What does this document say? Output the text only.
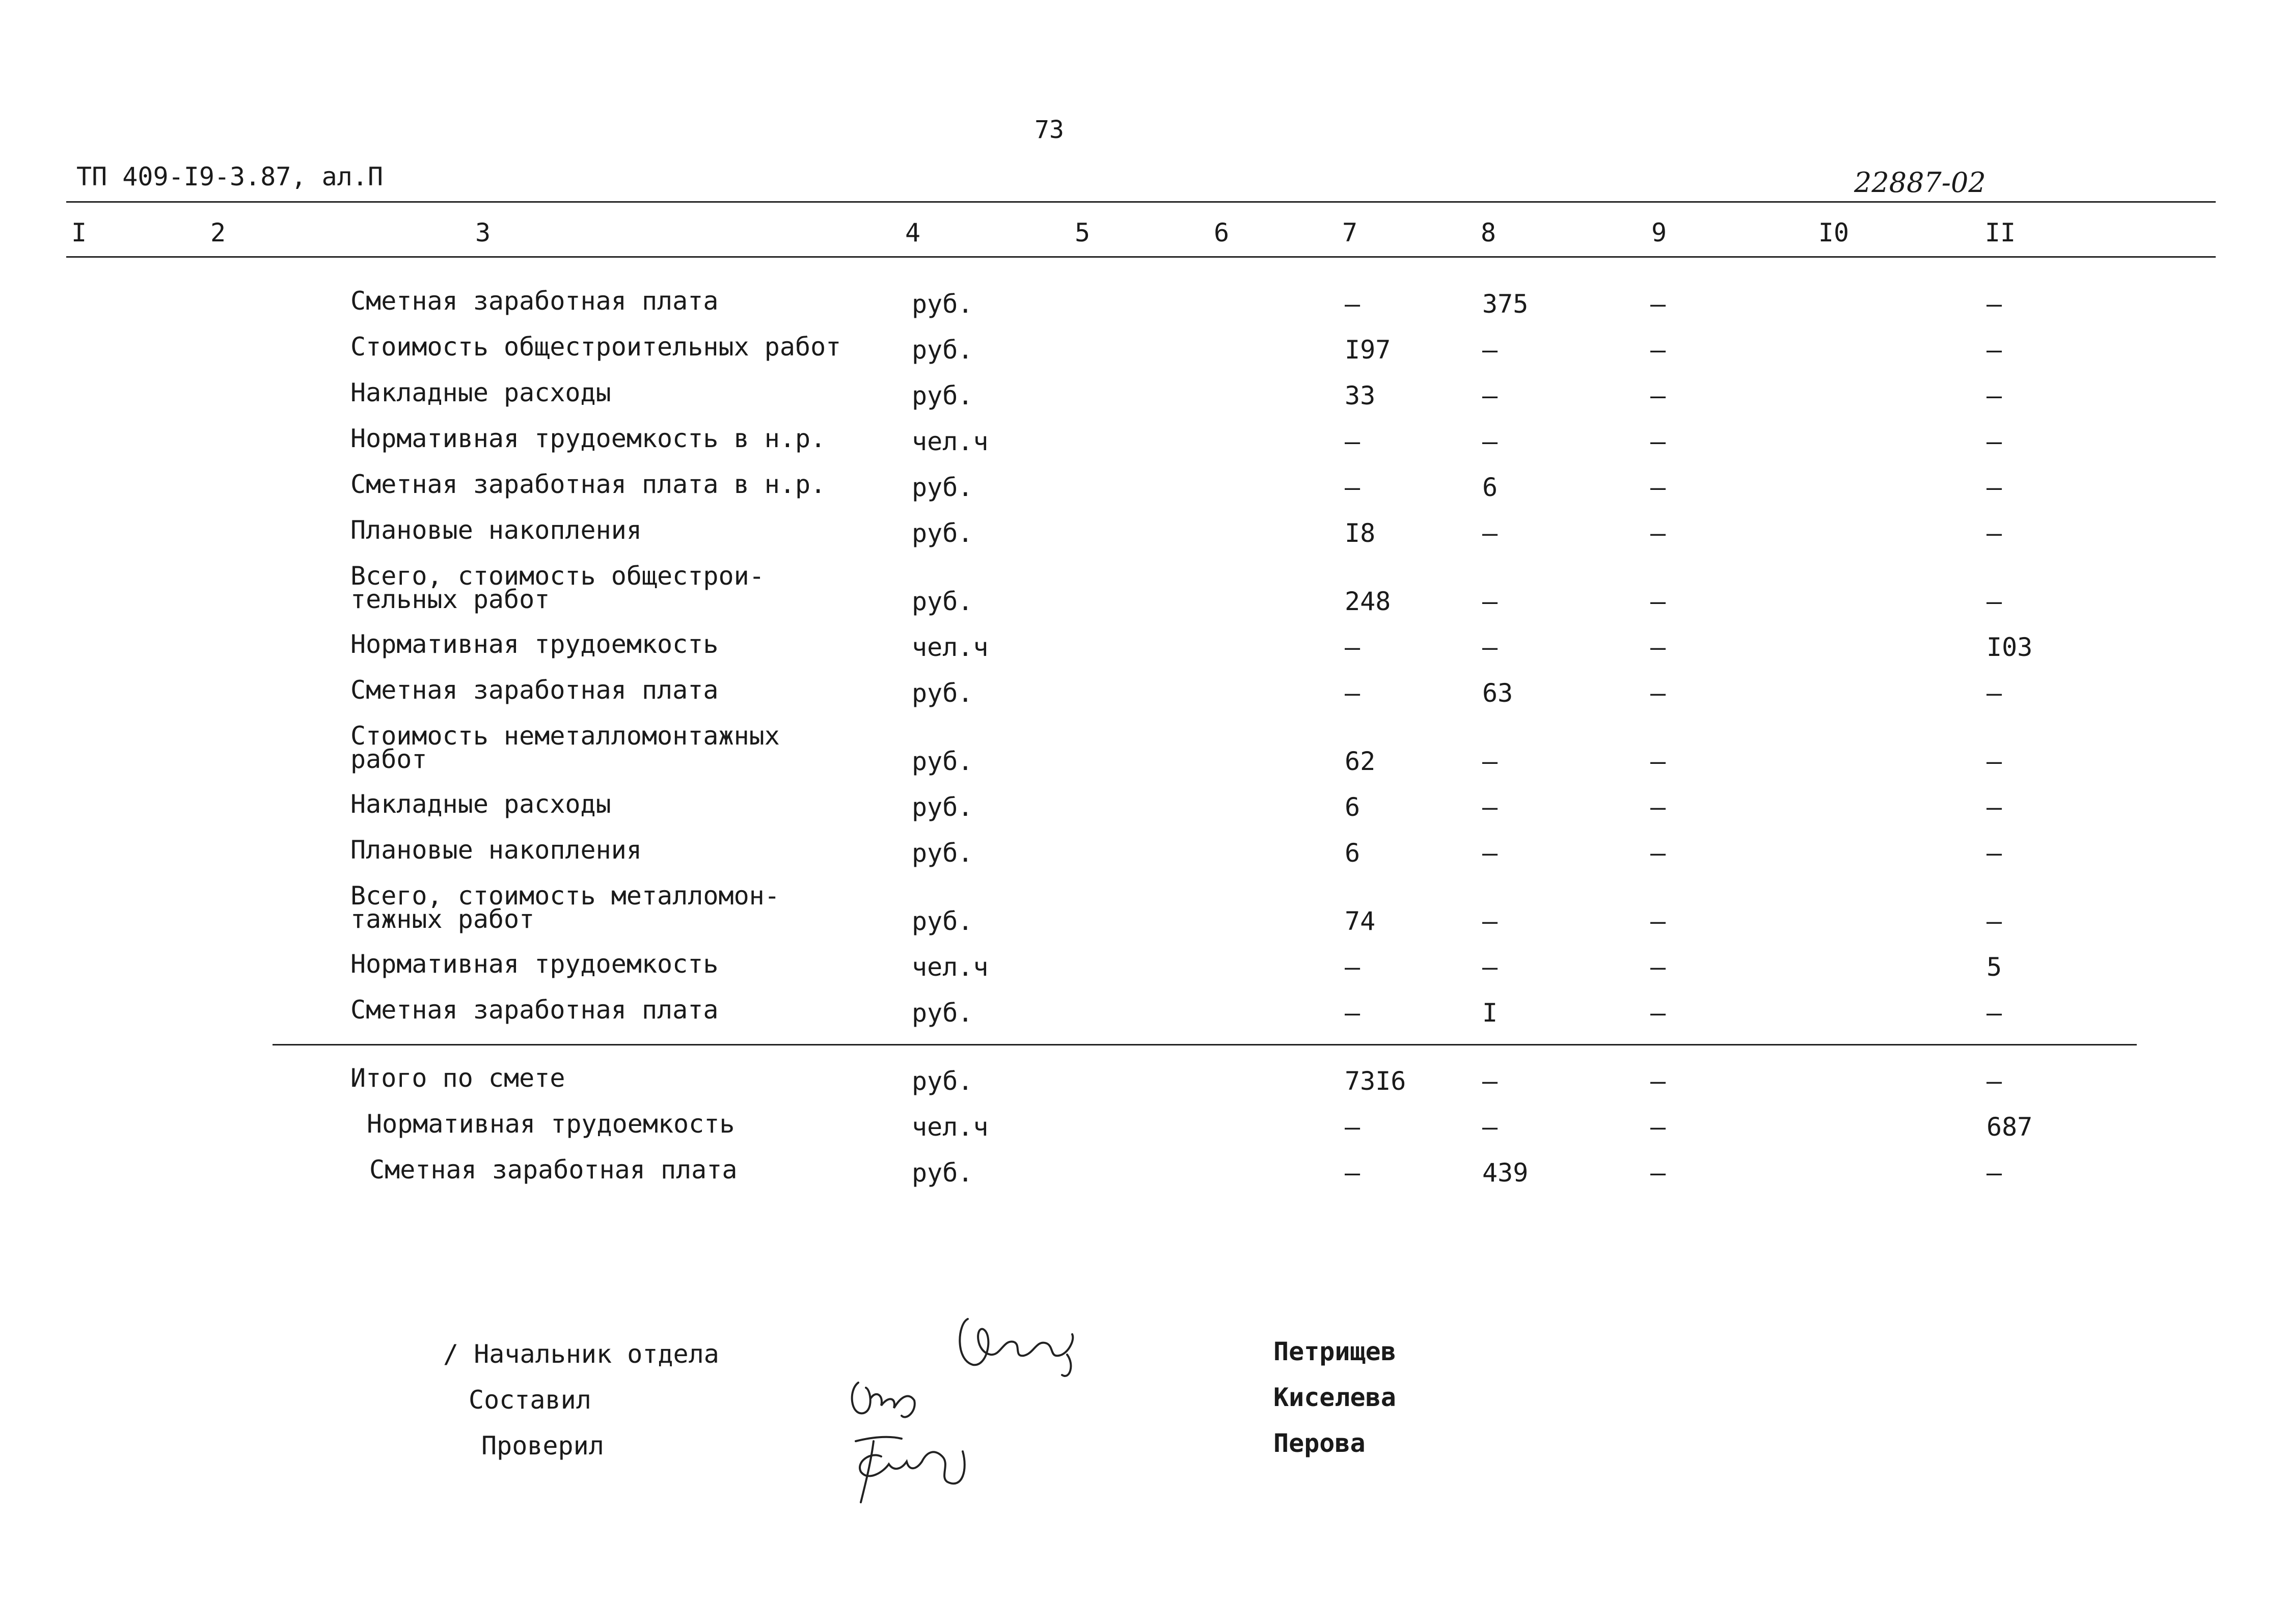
73
ТП 409-I9-3.87, ал.П	22887-02
I	2	3	4	5	6	7	8	9	I0	II
Сметная заработная плата	руб.	–	375	–	–
Стоимость общестроительных работ	руб.	I97	–	–	–
Накладные расходы	руб.	33	–	–	–
Нормативная трудоемкость в н.р.	чел.ч	–	–	–	–
Сметная заработная плата в н.р.	руб.	–	6	–	–
Плановые накопления	руб.	I8	–	–	–
Всего, стоимость общестрои-
тельных работ	руб.	248	–	–	–
Нормативная трудоемкость	чел.ч	–	–	–	I03
Сметная заработная плата	руб.	–	63	–	–
Стоимость неметалломонтажных
работ	руб.	62	–	–	–
Накладные расходы	руб.	6	–	–	–
Плановые накопления	руб.	6	–	–	–
Всего, стоимость металломон-
тажных работ	руб.	74	–	–	–
Нормативная трудоемкость	чел.ч	–	–	–	5
Сметная заработная плата	руб.	–	I	–	–
Итого по смете	руб.	73I6	–	–	–
Нормативная трудоемкость	чел.ч	–	–	–	687
Сметная заработная плата	руб.	–	439	–	–
/ Начальник отдела	Петрищев
Составил	Киселева
Проверил	Перова
